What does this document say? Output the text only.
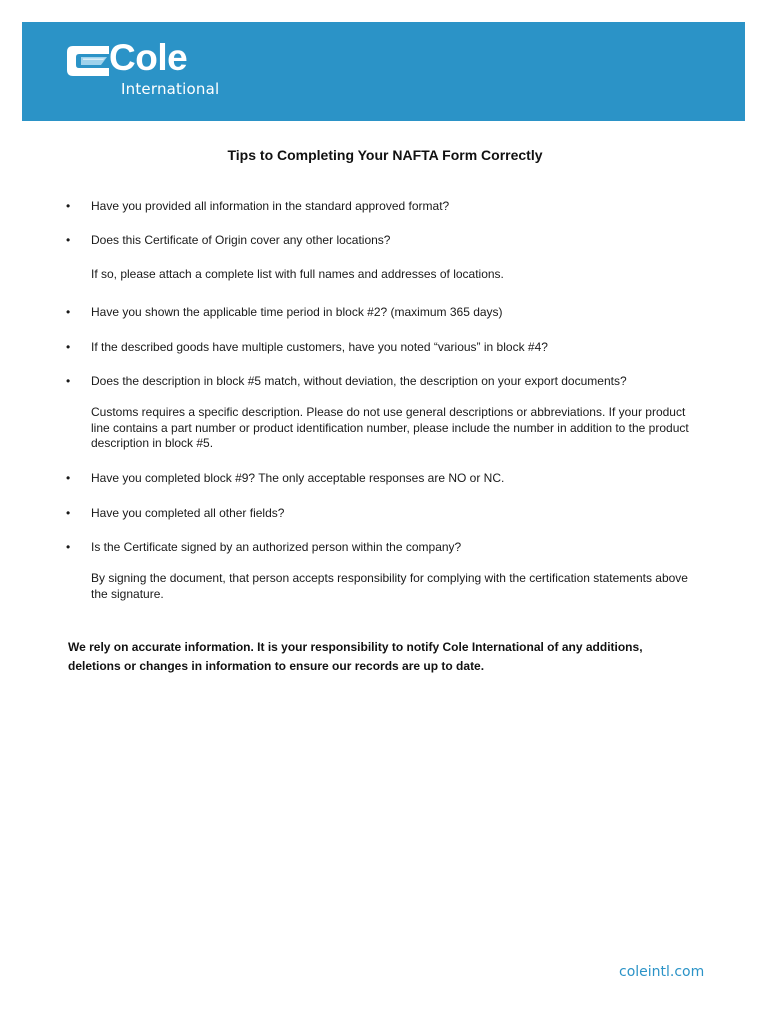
Cole
International
Tips to Completing Your NAFTA Form Correctly
• Have you provided all information in the standard approved format?
• Does this Certificate of Origin cover any other locations?
If so, please attach a complete list with full names and addresses of locations.
• Have you shown the applicable time period in block #2? (maximum 365 days)
• If the described goods have multiple customers, have you noted “various” in block #4?
• Does the description in block #5 match, without deviation, the description on your export documents?
Customs requires a specific description. Please do not use general descriptions or abbreviations. If your product line contains a part number or product identification number, please include the number in addition to the product description in block #5.
• Have you completed block #9? The only acceptable responses are NO or NC.
• Have you completed all other fields?
• Is the Certificate signed by an authorized person within the company?
By signing the document, that person accepts responsibility for complying with the certification statements above the signature.
We rely on accurate information. It is your responsibility to notify Cole International of any additions, deletions or changes in information to ensure our records are up to date.
coleintl.com
